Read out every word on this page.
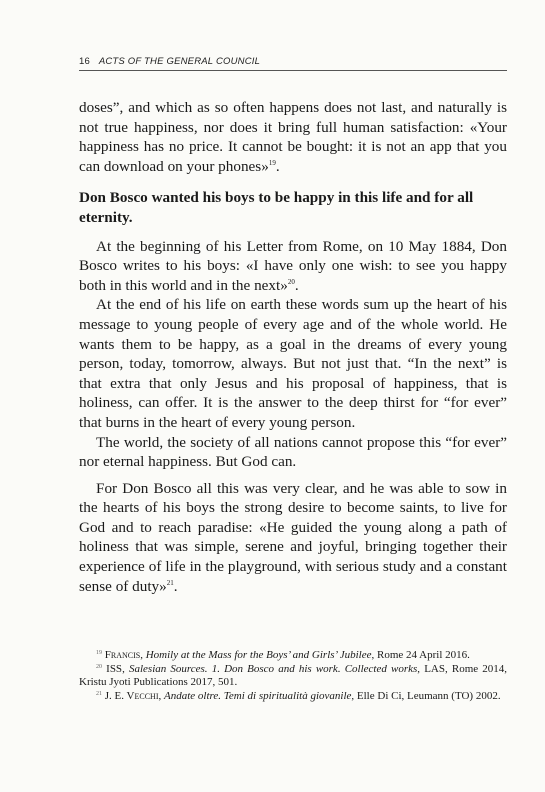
16 ACTS OF THE GENERAL COUNCIL

doses”, and which as so often happens does not last, and naturally is not true happiness, nor does it bring full human satisfaction: «Your happiness has no price. It cannot be bought: it is not an app that you can download on your phones»$^{19}$.

Don Bosco wanted his boys to be happy in this life and for all eternity.

At the beginning of his Letter from Rome, on 10 May 1884, Don Bosco writes to his boys: «I have only one wish: to see you happy both in this world and in the next»$^{20}$.

At the end of his life on earth these words sum up the heart of his message to young people of every age and of the whole world. He wants them to be happy, as a goal in the dreams of every young person, today, tomorrow, always. But not just that. “In the next” is that extra that only Jesus and his proposal of happiness, that is holiness, can offer. It is the answer to the deep thirst for “for ever” that burns in the heart of every young person.

The world, the society of all nations cannot propose this “for ever” nor eternal happiness. But God can.

For Don Bosco all this was very clear, and he was able to sow in the hearts of his boys the strong desire to become saints, to live for God and to reach paradise: «He guided the young along a path of holiness that was simple, serene and joyful, bringing together their experience of life in the playground, with serious study and a constant sense of duty»$^{21}$.

$^{19}$ Francis, Homily at the Mass for the Boys’ and Girls’ Jubilee, Rome 24 April 2016.

$^{20}$ ISS, Salesian Sources. 1. Don Bosco and his work. Collected works, LAS, Rome 2014, Kristu Jyoti Publications 2017, 501.

$^{21}$ J. E. Vecchi, Andate oltre. Temi di spiritualità giovanile, Elle Di Ci, Leumann (TO) 2002.
